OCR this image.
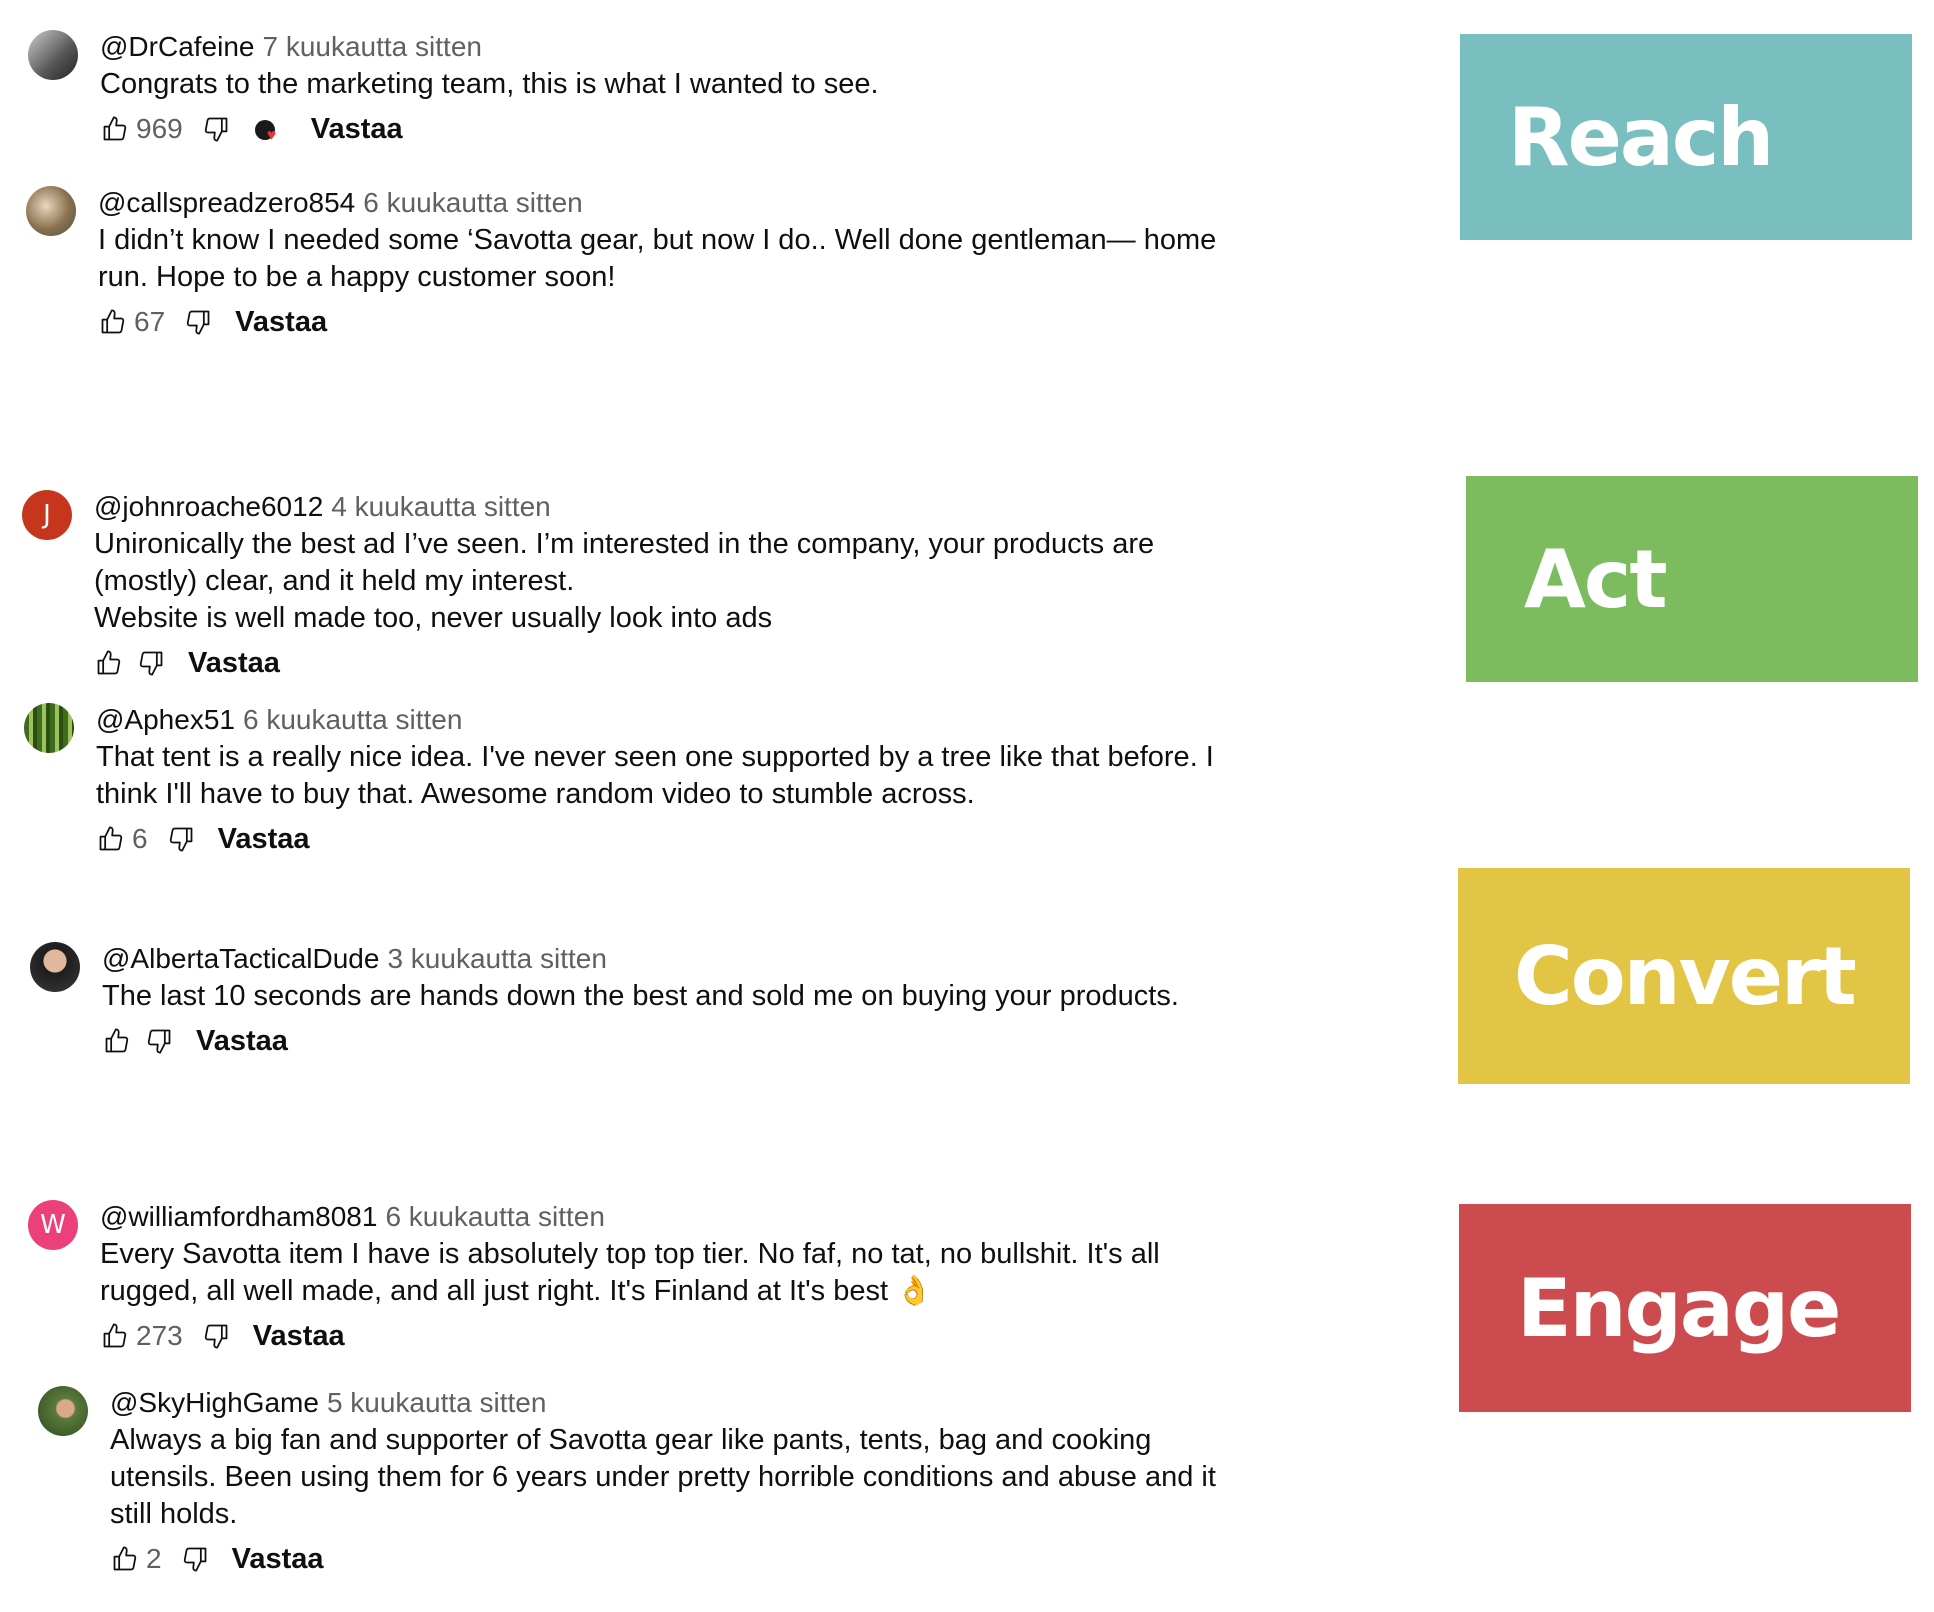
@DrCafeine 7 kuukautta sitten

Congrats to the marketing team, this is what I wanted to see.

969	♥ Vastaa
@callspreadzero854 6 kuukautta sitten

I didn’t know I needed some ‘Savotta gear, but now I do.. Well done gentleman— home
run. Hope to be a happy customer soon!

67 Vastaa
J @johnroache6012 4 kuukautta sitten

Unironically the best ad I’ve seen. I’m interested in the company, your products are
(mostly) clear, and it held my interest.
Website is well made too, never usually look into ads

Vastaa
@Aphex51 6 kuukautta sitten

That tent is a really nice idea. I've never seen one supported by a tree like that before. I
think I'll have to buy that. Awesome random video to stumble across.

6 Vastaa
@AlbertaTacticalDude 3 kuukautta sitten

The last 10 seconds are hands down the best and sold me on buying your products.

Vastaa
W @williamfordham8081 6 kuukautta sitten

Every Savotta item I have is absolutely top top tier. No faf, no tat, no bullshit. It's all
rugged, all well made, and all just right. It's Finland at It's best 👌

273 Vastaa
@SkyHighGame 5 kuukautta sitten

Always a big fan and supporter of Savotta gear like pants, tents, bag and cooking
utensils. Been using them for 6 years under pretty horrible conditions and abuse and it
still holds.

2 Vastaa
Reach
Act
Convert
Engage
